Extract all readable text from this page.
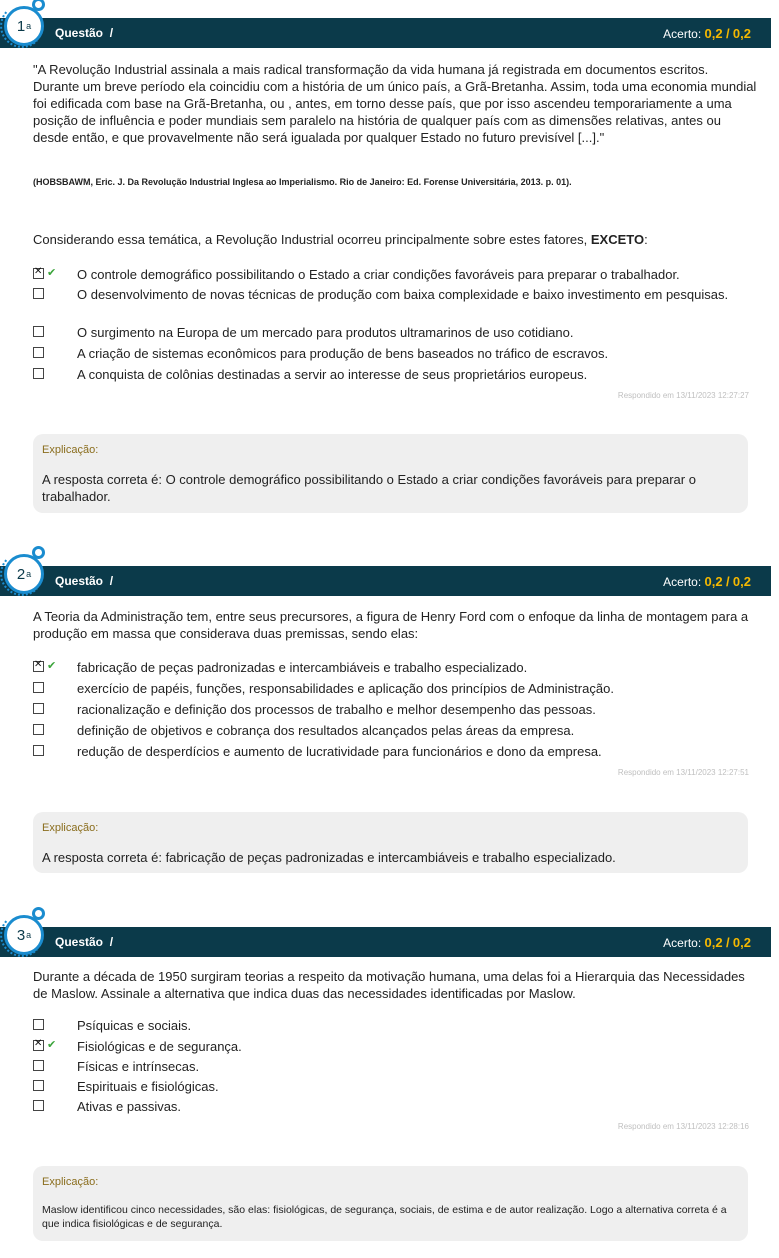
1 a Questão /	Acerto: 0,2 / 0,2
"A Revolução Industrial assinala a mais radical transformação da vida humana já registrada em documentos escritos. Durante um breve período ela coincidiu com a história de um único país, a Grã-Bretanha. Assim, toda uma economia mundial foi edificada com base na Grã-Bretanha, ou , antes, em torno desse país, que por isso ascendeu temporariamente a uma posição de influência e poder mundiais sem paralelo na história de qualquer país com as dimensões relativas, antes ou desde então, e que provavelmente não será igualada por qualquer Estado no futuro previsível [...]."
(HOBSBAWM, Eric. J. Da Revolução Industrial Inglesa ao Imperialismo. Rio de Janeiro: Ed. Forense Universitária, 2013. p. 01).
Considerando essa temática, a Revolução Industrial ocorreu principalmente sobre estes fatores, EXCETO:
✕
✔ O controle demográfico possibilitando o Estado a criar condições favoráveis para preparar o trabalhador.
O desenvolvimento de novas técnicas de produção com baixa complexidade e baixo investimento em pesquisas.
O surgimento na Europa de um mercado para produtos ultramarinos de uso cotidiano.
A criação de sistemas econômicos para produção de bens baseados no tráfico de escravos.
A conquista de colônias destinadas a servir ao interesse de seus proprietários europeus.
Respondido em 13/11/2023 12:27:27
Explicação:
A resposta correta é: O controle demográfico possibilitando o Estado a criar condições favoráveis para preparar o trabalhador.
2 a Questão /	Acerto: 0,2 / 0,2
A Teoria da Administração tem, entre seus precursores, a figura de Henry Ford com o enfoque da linha de montagem para a produção em massa que considerava duas premissas, sendo elas:
✕
✔ fabricação de peças padronizadas e intercambiáveis e trabalho especializado.
exercício de papéis, funções, responsabilidades e aplicação dos princípios de Administração.
racionalização e definição dos processos de trabalho e melhor desempenho das pessoas.
definição de objetivos e cobrança dos resultados alcançados pelas áreas da empresa.
redução de desperdícios e aumento de lucratividade para funcionários e dono da empresa.
Respondido em 13/11/2023 12:27:51
Explicação:
A resposta correta é: fabricação de peças padronizadas e intercambiáveis e trabalho especializado.
3 a Questão /	Acerto: 0,2 / 0,2
Durante a década de 1950 surgiram teorias a respeito da motivação humana, uma delas foi a Hierarquia das Necessidades de Maslow. Assinale a alternativa que indica duas das necessidades identificadas por Maslow.
Psíquicas e sociais.
✕
✔ Fisiológicas e de segurança.
Físicas e intrínsecas.
Espirituais e fisiológicas.
Ativas e passivas.
Respondido em 13/11/2023 12:28:16
Explicação:
Maslow identificou cinco necessidades, são elas: fisiológicas, de segurança, sociais, de estima e de autor realização. Logo a alternativa correta é a que indica fisiológicas e de segurança.
